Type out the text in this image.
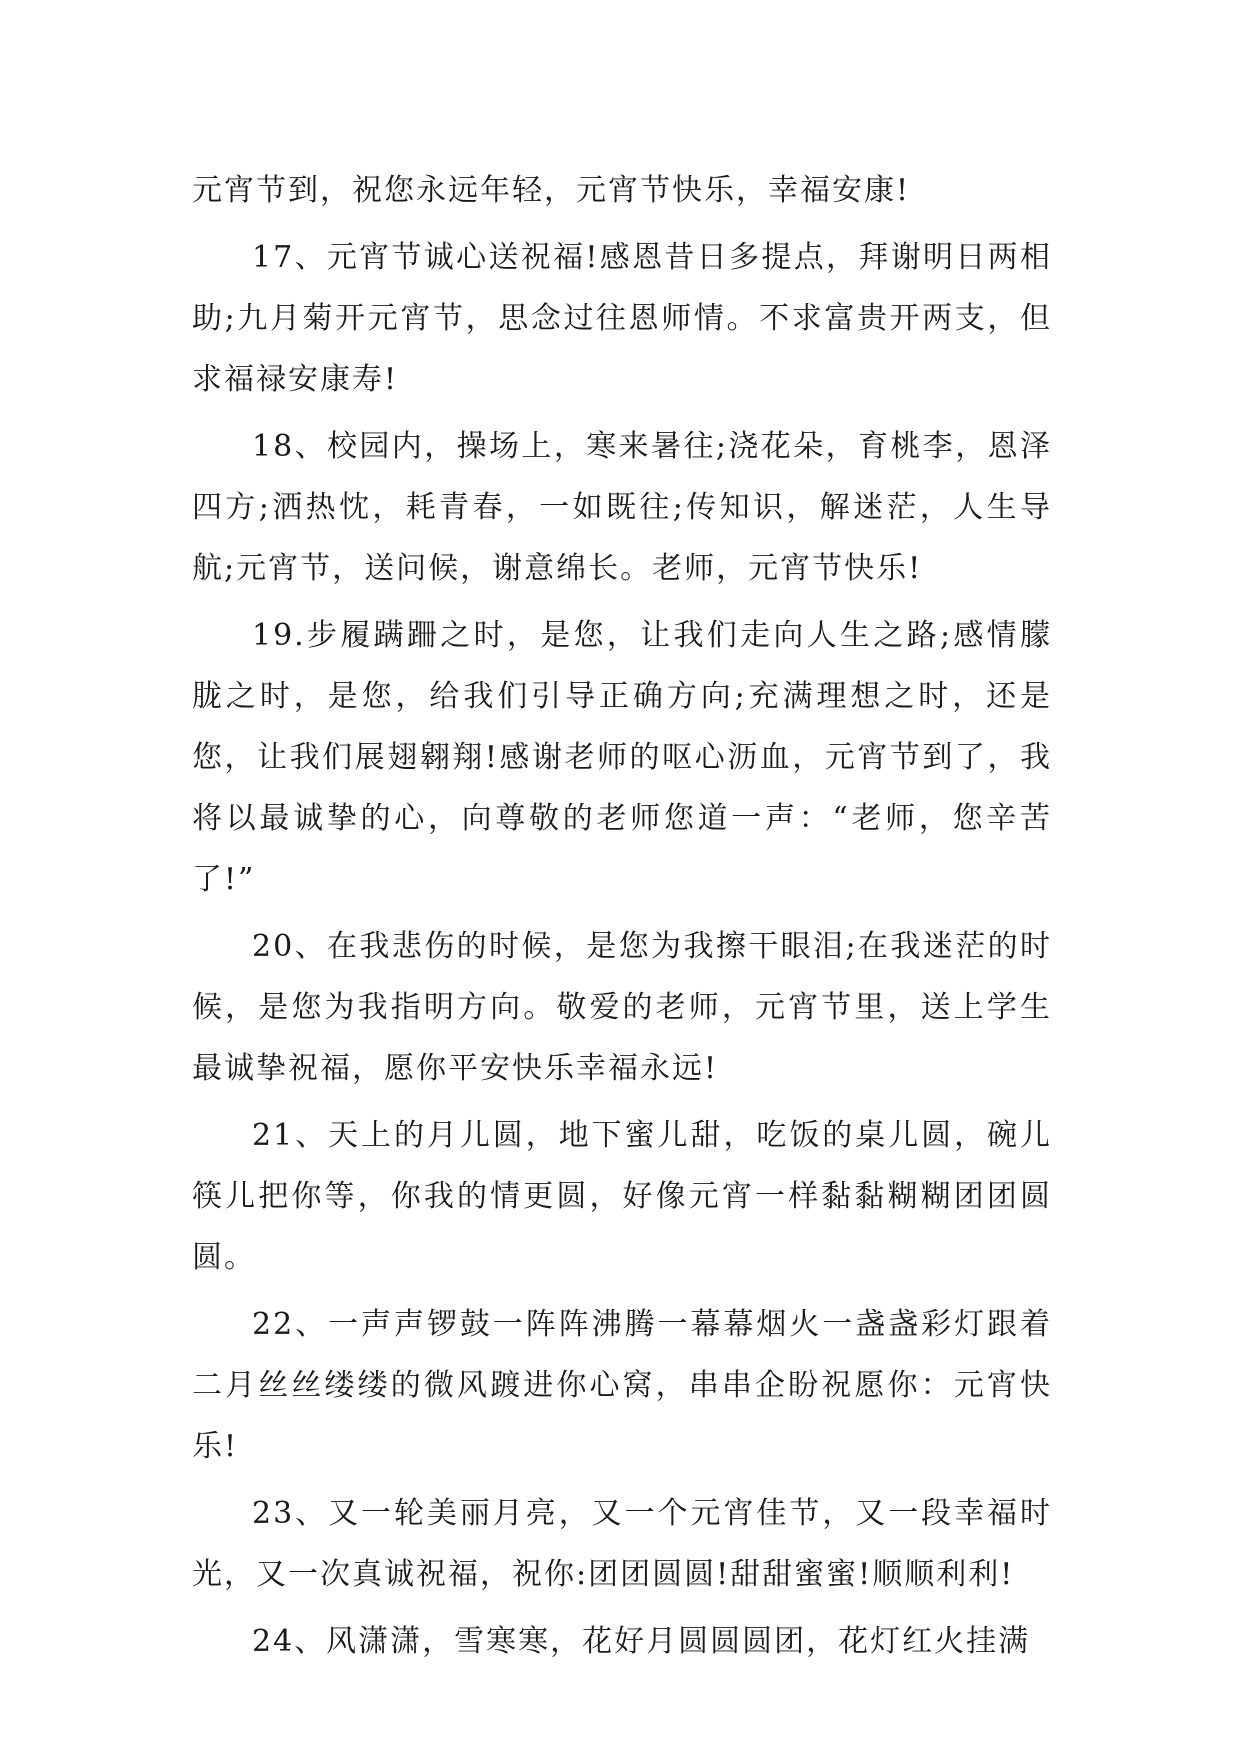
元宵节到，祝您永远年轻，元宵节快乐，幸福安康!

17、元宵节诚心送祝福!感恩昔日多提点，拜谢明日两相助;九月菊开元宵节，思念过往恩师情。不求富贵开两支，但求福禄安康寿!

18、校园内，操场上，寒来暑往;浇花朵，育桃李，恩泽四方;洒热忱，耗青春，一如既往;传知识，解迷茫，人生导航;元宵节，送问候，谢意绵长。老师，元宵节快乐!

19.步履蹒跚之时，是您，让我们走向人生之路;感情朦胧之时，是您，给我们引导正确方向;充满理想之时，还是您，让我们展翅翱翔!感谢老师的呕心沥血，元宵节到了，我将以最诚挚的心，向尊敬的老师您道一声：“老师，您辛苦了!”

20、在我悲伤的时候，是您为我擦干眼泪;在我迷茫的时候，是您为我指明方向。敬爱的老师，元宵节里，送上学生最诚挚祝福，愿你平安快乐幸福永远!

21、天上的月儿圆，地下蜜儿甜，吃饭的桌儿圆，碗儿筷儿把你等，你我的情更圆，好像元宵一样黏黏糊糊团团圆圆。

22、一声声锣鼓一阵阵沸腾一幕幕烟火一盏盏彩灯跟着二月丝丝缕缕的微风踱进你心窝，串串企盼祝愿你：元宵快乐!

23、又一轮美丽月亮，又一个元宵佳节，又一段幸福时光，又一次真诚祝福，祝你:团团圆圆!甜甜蜜蜜!顺顺利利!

24、风潇潇，雪寒寒，花好月圆圆圆团，花灯红火挂满
